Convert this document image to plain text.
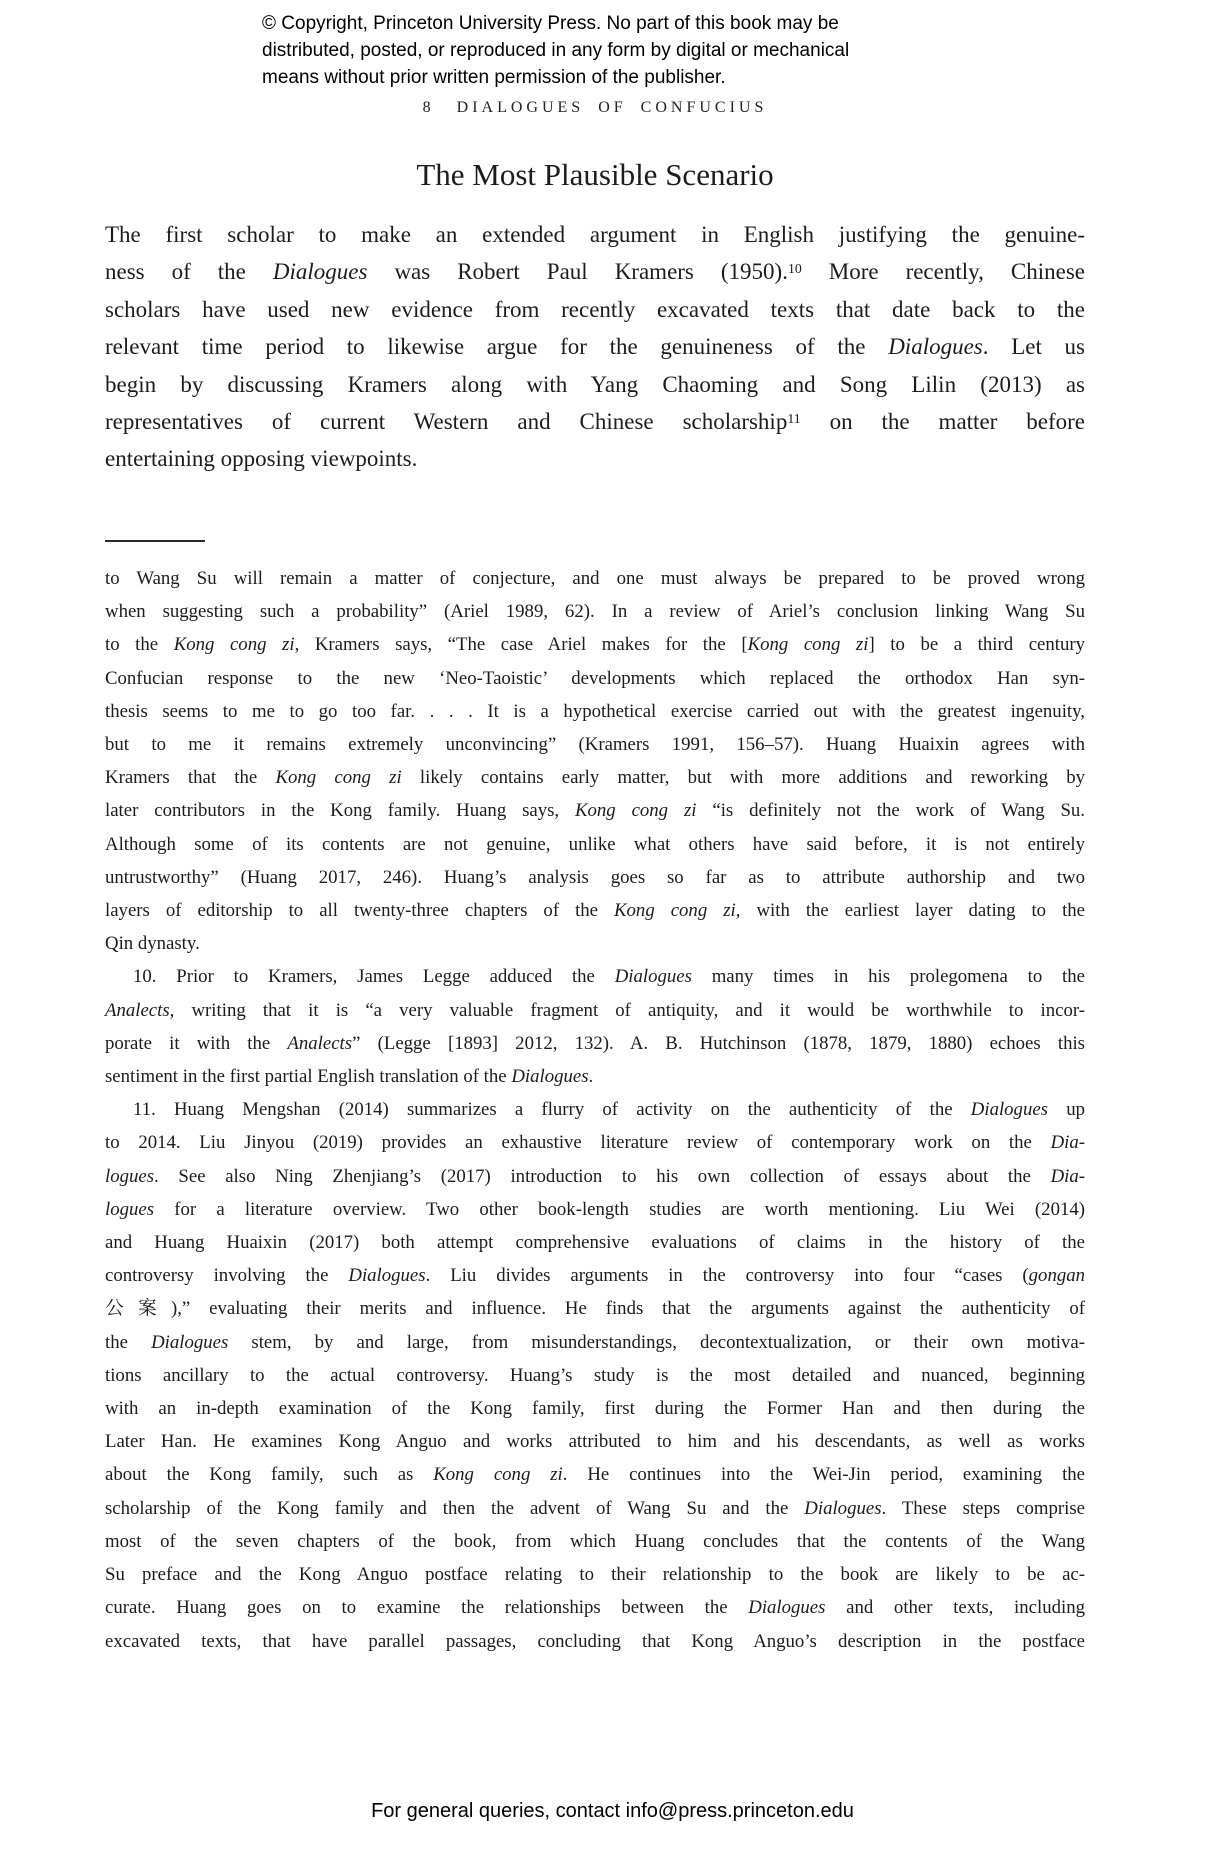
© Copyright, Princeton University Press. No part of this book may be
distributed, posted, or reproduced in any form by digital or mechanical
means without prior written permission of the publisher.
8 DIALOGUES OF CONFUCIUS
The Most Plausible Scenario
The first scholar to make an extended argument in English justifying the genuine-
ness of the Dialogues was Robert Paul Kramers (1950).$^{10}$ More recently, Chinese
scholars have used new evidence from recently excavated texts that date back to the
relevant time period to likewise argue for the genuineness of the Dialogues. Let us
begin by discussing Kramers along with Yang Chaoming and Song Lilin (2013) as
representatives of current Western and Chinese scholarship$^{11}$ on the matter before
entertaining opposing viewpoints.
to Wang Su will remain a matter of conjecture, and one must always be prepared to be proved wrong
when suggesting such a probability” (Ariel 1989, 62). In a review of Ariel’s conclusion linking Wang Su
to the Kong cong zi, Kramers says, “The case Ariel makes for the [Kong cong zi] to be a third century
Confucian response to the new ‘Neo-Taoistic’ developments which replaced the orthodox Han syn-
thesis seems to me to go too far. . . . It is a hypothetical exercise carried out with the greatest ingenuity,
but to me it remains extremely unconvincing” (Kramers 1991, 156–57). Huang Huaixin agrees with
Kramers that the Kong cong zi likely contains early matter, but with more additions and reworking by
later contributors in the Kong family. Huang says, Kong cong zi “is definitely not the work of Wang Su.
Although some of its contents are not genuine, unlike what others have said before, it is not entirely
untrustworthy” (Huang 2017, 246). Huang’s analysis goes so far as to attribute authorship and two
layers of editorship to all twenty-three chapters of the Kong cong zi, with the earliest layer dating to the
Qin dynasty.
10. Prior to Kramers, James Legge adduced the Dialogues many times in his prolegomena to the
Analects, writing that it is “a very valuable fragment of antiquity, and it would be worthwhile to incor-
porate it with the Analects” (Legge [1893] 2012, 132). A. B. Hutchinson (1878, 1879, 1880) echoes this
sentiment in the first partial English translation of the Dialogues.
11. Huang Mengshan (2014) summarizes a flurry of activity on the authenticity of the Dialogues up
to 2014. Liu Jinyou (2019) provides an exhaustive literature review of contemporary work on the Dia-
logues. See also Ning Zhenjiang’s (2017) introduction to his own collection of essays about the Dia-
logues for a literature overview. Two other book-length studies are worth mentioning. Liu Wei (2014)
and Huang Huaixin (2017) both attempt comprehensive evaluations of claims in the history of the
controversy involving the Dialogues. Liu divides arguments in the controversy into four “cases (gongan
公案),” evaluating their merits and influence. He finds that the arguments against the authenticity of
the Dialogues stem, by and large, from misunderstandings, decontextualization, or their own motiva-
tions ancillary to the actual controversy. Huang’s study is the most detailed and nuanced, beginning
with an in-depth examination of the Kong family, first during the Former Han and then during the
Later Han. He examines Kong Anguo and works attributed to him and his descendants, as well as works
about the Kong family, such as Kong cong zi. He continues into the Wei-Jin period, examining the
scholarship of the Kong family and then the advent of Wang Su and the Dialogues. These steps comprise
most of the seven chapters of the book, from which Huang concludes that the contents of the Wang
Su preface and the Kong Anguo postface relating to their relationship to the book are likely to be ac-
curate. Huang goes on to examine the relationships between the Dialogues and other texts, including
excavated texts, that have parallel passages, concluding that Kong Anguo’s description in the postface
For general queries, contact info@press.princeton.edu
